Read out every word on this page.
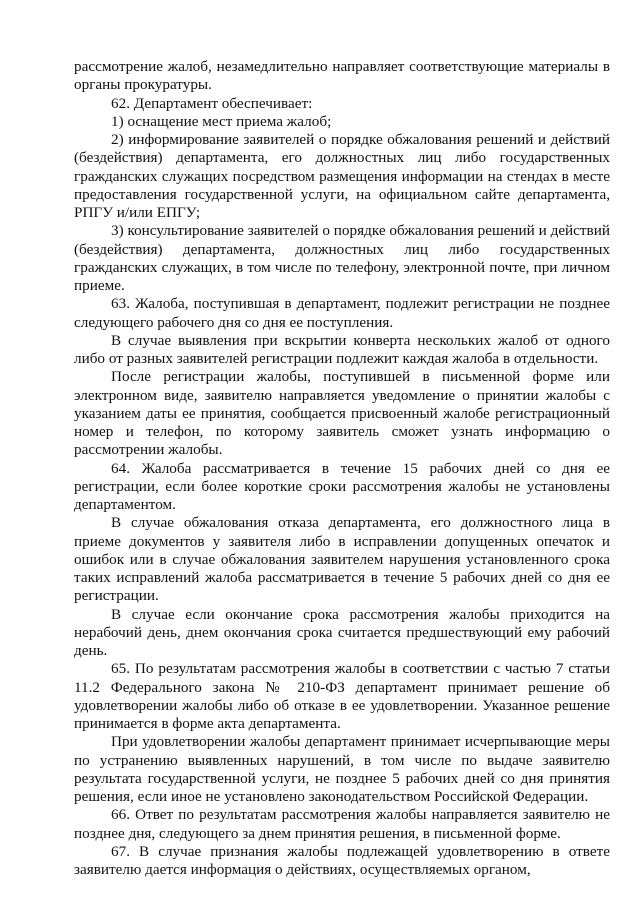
рассмотрение жалоб, незамедлительно направляет соответствующие материалы в органы прокуратуры.

62. Департамент обеспечивает:

1) оснащение мест приема жалоб;

2) информирование заявителей о порядке обжалования решений и действий (бездействия) департамента, его должностных лиц либо государственных гражданских служащих посредством размещения информации на стендах в месте предоставления государственной услуги, на официальном сайте департамента, РПГУ и/или ЕПГУ;

3) консультирование заявителей о порядке обжалования решений и действий (бездействия) департамента, должностных лиц либо государственных гражданских служащих, в том числе по телефону, электронной почте, при личном приеме.

63. Жалоба, поступившая в департамент, подлежит регистрации не позднее следующего рабочего дня со дня ее поступления.

В случае выявления при вскрытии конверта нескольких жалоб от одного либо от разных заявителей регистрации подлежит каждая жалоба в отдельности.

После регистрации жалобы, поступившей в письменной форме или электронном виде, заявителю направляется уведомление о принятии жалобы с указанием даты ее принятия, сообщается присвоенный жалобе регистрационный номер и телефон, по которому заявитель сможет узнать информацию о рассмотрении жалобы.

64. Жалоба рассматривается в течение 15 рабочих дней со дня ее регистрации, если более короткие сроки рассмотрения жалобы не установлены департаментом.

В случае обжалования отказа департамента, его должностного лица в приеме документов у заявителя либо в исправлении допущенных опечаток и ошибок или в случае обжалования заявителем нарушения установленного срока таких исправлений жалоба рассматривается в течение 5 рабочих дней со дня ее регистрации.

В случае если окончание срока рассмотрения жалобы приходится на нерабочий день, днем окончания срока считается предшествующий ему рабочий день.

65. По результатам рассмотрения жалобы в соответствии с частью 7 статьи 11.2 Федерального закона № 210-ФЗ департамент принимает решение об удовлетворении жалобы либо об отказе в ее удовлетворении. Указанное решение принимается в форме акта департамента.

При удовлетворении жалобы департамент принимает исчерпывающие меры по устранению выявленных нарушений, в том числе по выдаче заявителю результата государственной услуги, не позднее 5 рабочих дней со дня принятия решения, если иное не установлено законодательством Российской Федерации.

66. Ответ по результатам рассмотрения жалобы направляется заявителю не позднее дня, следующего за днем принятия решения, в письменной форме.

67. В случае признания жалобы подлежащей удовлетворению в ответе заявителю дается информация о действиях, осуществляемых органом,
